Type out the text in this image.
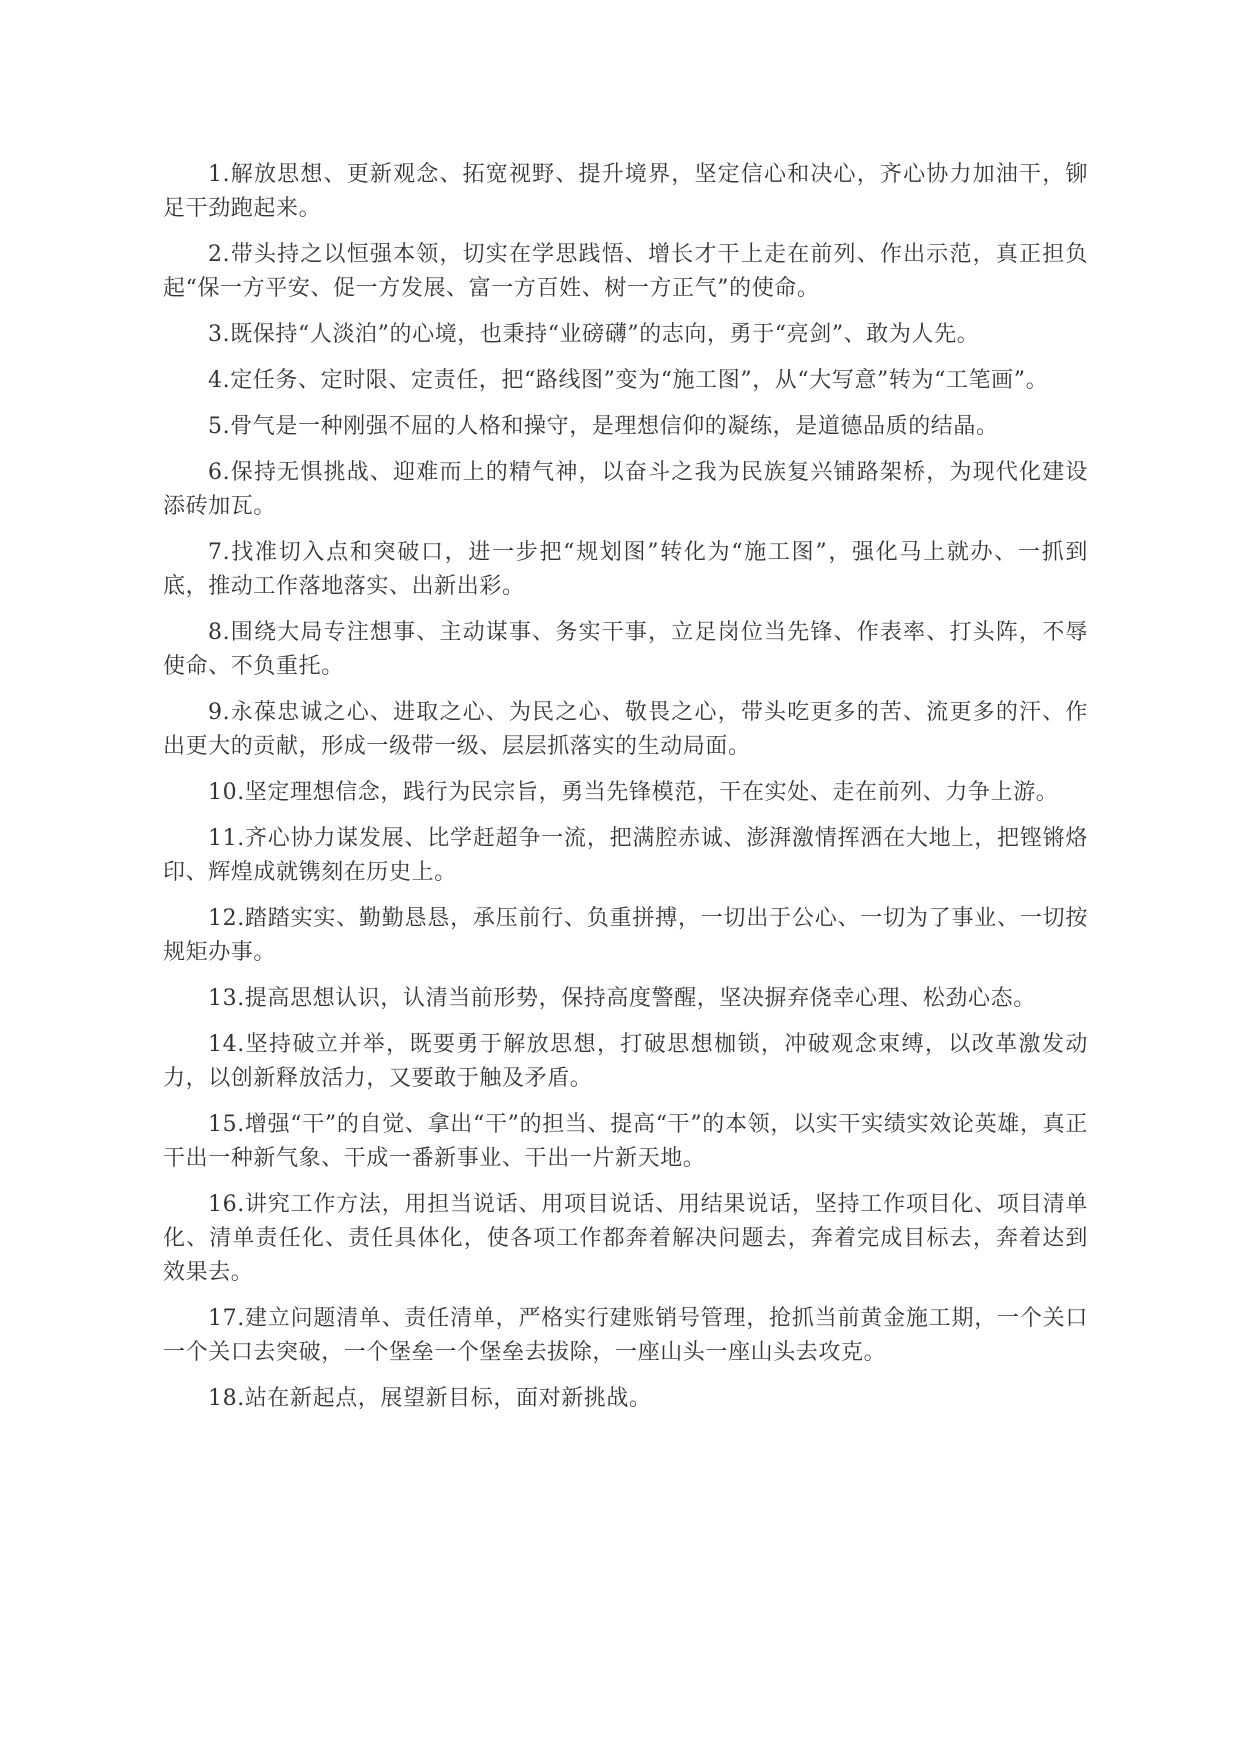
1.解放思想、更新观念、拓宽视野、提升境界，坚定信心和决心，齐心协力加油干，铆足干劲跑起来。

2.带头持之以恒强本领，切实在学思践悟、增长才干上走在前列、作出示范，真正担负起“保一方平安、促一方发展、富一方百姓、树一方正气”的使命。

3.既保持“人淡泊”的心境，也秉持“业磅礴”的志向，勇于“亮剑”、敢为人先。

4.定任务、定时限、定责任，把“路线图”变为“施工图”，从“大写意”转为“工笔画”。

5.骨气是一种刚强不屈的人格和操守，是理想信仰的凝练，是道德品质的结晶。

6.保持无惧挑战、迎难而上的精气神，以奋斗之我为民族复兴铺路架桥，为现代化建设添砖加瓦。

7.找准切入点和突破口，进一步把“规划图”转化为“施工图”，强化马上就办、一抓到底，推动工作落地落实、出新出彩。

8.围绕大局专注想事、主动谋事、务实干事，立足岗位当先锋、作表率、打头阵，不辱使命、不负重托。

9.永葆忠诚之心、进取之心、为民之心、敬畏之心，带头吃更多的苦、流更多的汗、作出更大的贡献，形成一级带一级、层层抓落实的生动局面。

10.坚定理想信念，践行为民宗旨，勇当先锋模范，干在实处、走在前列、力争上游。

11.齐心协力谋发展、比学赶超争一流，把满腔赤诚、澎湃激情挥洒在大地上，把铿锵烙印、辉煌成就镌刻在历史上。

12.踏踏实实、勤勤恳恳，承压前行、负重拼搏，一切出于公心、一切为了事业、一切按规矩办事。

13.提高思想认识，认清当前形势，保持高度警醒，坚决摒弃侥幸心理、松劲心态。

14.坚持破立并举，既要勇于解放思想，打破思想枷锁，冲破观念束缚，以改革激发动力，以创新释放活力，又要敢于触及矛盾。

15.增强“干”的自觉、拿出“干”的担当、提高“干”的本领，以实干实绩实效论英雄，真正干出一种新气象、干成一番新事业、干出一片新天地。

16.讲究工作方法，用担当说话、用项目说话、用结果说话，坚持工作项目化、项目清单化、清单责任化、责任具体化，使各项工作都奔着解决问题去，奔着完成目标去，奔着达到效果去。

17.建立问题清单、责任清单，严格实行建账销号管理，抢抓当前黄金施工期，一个关口一个关口去突破，一个堡垒一个堡垒去拔除，一座山头一座山头去攻克。

18.站在新起点，展望新目标，面对新挑战。
